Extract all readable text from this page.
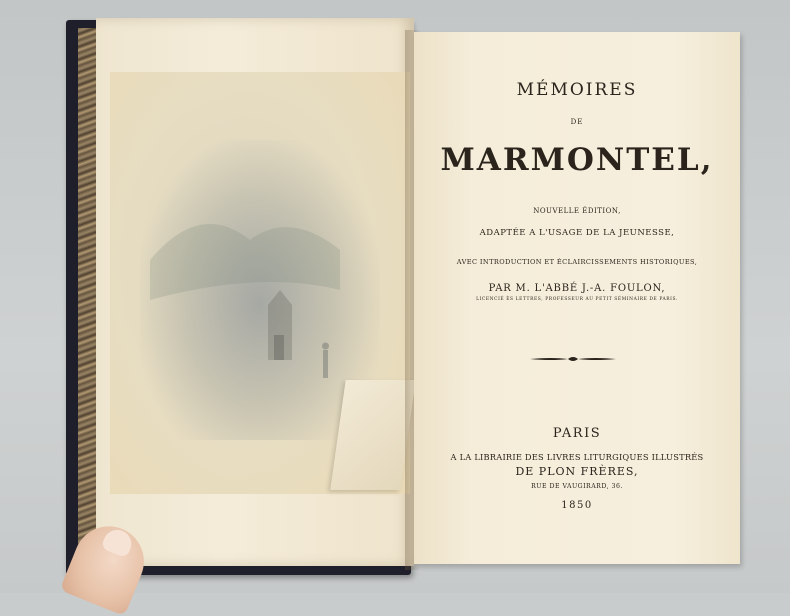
MÉMOIRES
DE
MARMONTEL,
NOUVELLE ÉDITION,
ADAPTÉE A L'USAGE DE LA JEUNESSE,
AVEC INTRODUCTION ET ÉCLAIRCISSEMENTS HISTORIQUES,
PAR M. L'ABBÉ J.-A. FOULON,
LICENCIÉ ÈS LETTRES, PROFESSEUR AU PETIT SÉMINAIRE DE PARIS.
PARIS
A LA LIBRAIRIE DES LIVRES LITURGIQUES ILLUSTRÉS
DE PLON FRÈRES,
RUE DE VAUGIRARD, 36.
1850
